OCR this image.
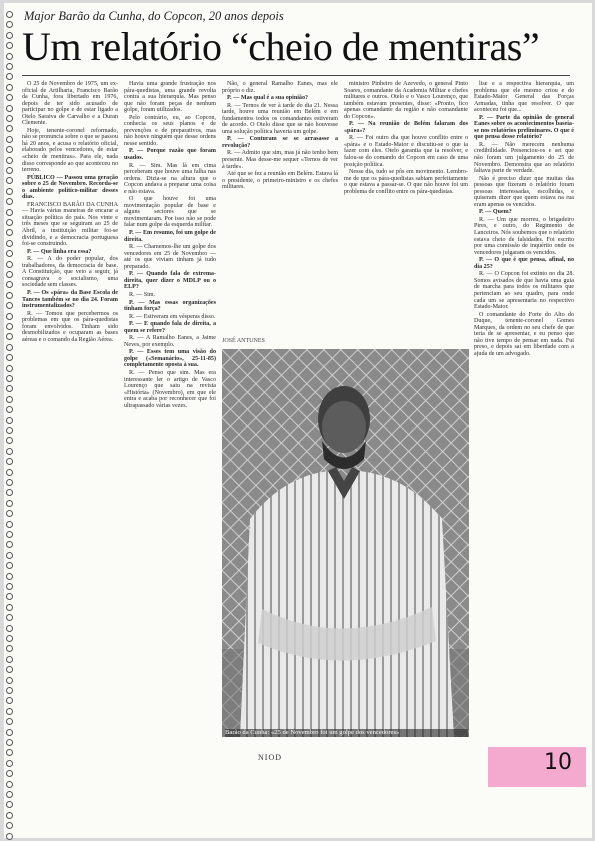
Major Barão da Cunha, do Copcon, 20 anos depois
Um relatório “cheio de mentiras”

O 25 de Novembro de 1975, um ex-oficial de Artilharia, Francisco Barão da Cunha, fora libertado em 1976, depois de ter sido acusado de participar no golpe e de estar ligado a Otelo Saraiva de Carvalho e a Duran Clemente.

Hoje, tenente-coronel reformado, não se pronuncia sobre o que se passou há 20 anos, e acusa o relatório oficial, elaborado pelos vencedores, de estar «cheio de mentiras». Para ele, nada disso corresponde ao que aconteceu no terreno.

PÚBLICO — Passou uma geração sobre o 25 de Novembro. Recorda-se o ambiente político-militar desses dias.

FRANCISCO BARÃO DA CUNHA — Havia várias maneiras de encarar a situação política do país. Nos vinte e três meses que se seguiram ao 25 de Abril, a instituição militar foi-se dividindo, e a democracia portuguesa foi-se construindo.

P. — Que linha era essa?

R. — A do poder popular, dos trabalhadores, da democracia de base. A Constituição, que veio a seguir, já consagrava o socialismo, uma sociedade sem classes.

P. — Os «pára» da Base Escola de Tancos também se no dia 24. Foram instrumentalizados?

R. — Tomou que percebermos os problemas em que os pára-quedistas foram envolvidos. Tinham sido desmobilizados e ocuparam as bases aéreas e o comando da Região Aérea.

Havia uma grande frustração nos pára-quedistas, uma grande revolta contra a sua hierarquia. Mas penso que não foram peças de nenhum golpe, foram utilizados.

Pelo contrário, eu, ao Copcon, conhecia os seus planos e de prevenções e de preparativos, mas não houve ninguém que desse ordens nesse sentido.

P. — Porque razão que foram usados.

R. — Sim. Mas lá em cima perceberam que houve uma falha nas ordens. Dizia-se na altura que o Copcon andava a preparar uma coisa e não estava.

O que houve foi uma movimentação popular de base e alguns sectores que se movimentaram. Por isso não se pode falar num golpe da esquerda militar.

P. — Em resumo, foi um golpe de direita.

R. — Chamemos-lhe um golpe dos vencedores em 25 de Novembro — até os que viviam tinham já tudo preparado.

P. — Quando fala de extrema-direita, quer dizer o MDLP ou o ELP?

R. — Sim.

P. — Mas essas organizações tinham força?

R. — Estiveram em vésperas disso.

P. — E quando fala de direita, a quem se refere?

R. — A Ramalho Eanes, a Jaime Neves, por exemplo.

P. — Esses tem uma visão do golpe («Semanário», 25-11-85) completamente oposta à sua.

R. — Penso que sim. Mas era interessante ler o artigo de Vasco Lourenço que saiu na revista «História» (Novembro), em que ele entra e acaba por reconhecer que foi ultrapassado várias vezes.

Não, o general Ramalho Eanes, mas ele próprio o diz.

P. — Mas qual é a sua opinião?

R. — Ternos de ver à tarde do dia 21. Nessa tarde, houve uma reunião em Belém e em fundamentos todos os comandantes estiveram de acordo. O Otelo disse que se não houvesse uma solução política haveria um golpe.

P. — Conturam se se arrasasse a revolução?

R. — Admito que sim, mas já não tenho bem presente. Mas desse-me sequer «Ternos de ver à tarde».

Até que se fez a reunião em Belém. Estava lá o presidente, o primeiro-ministro e os chefes militares.

ministro Pinheiro de Azevedo, o general Pinto Soares, comandante da Academia Militar e chefes militares e outros. Otelo e o Vasco Lourenço, que também estavam presentes, disse: «Pronto, fico apenas comandante da região e não comandante do Copcon».

P. — Na reunião de Belém falaram dos «pára»?

R. — Foi outro dia que houve conflito entre o «pára» e o Estado-Maior e discutiu-se o que ia fazer com eles. Otelo garantia que ia resolver, e falou-se do comando do Copcon em caso de uma posição política.

Nesse dia, tudo se pôs em movimento. Lembro-me de que os pára-quedistas sabiam perfeitamente o que estava a passar-se. O que não houve foi um problema de conflito entre os pára-quedistas.

lise e a respectiva hierarquia, um problema que ele mesmo criou e do Estado-Maior General das Forças Armadas, tinha que resolver. O que aconteceu foi que...

P. — Parte da opinião de general Eanes sobre os acontecimentos baseia-se nos relatórios preliminares. O que é que pensa desse relatório?

R. — Não merecem nenhuma credibilidade. Presenciou-os e sei que não foram um julgamento do 25 de Novembro. Demonstra que ao relatório faltava parte de verdade.

Não é preciso dizer que muitas das pessoas que fizeram o relatório foram pessoas interessadas, escolhidas, e quiseram dizer que quem estava na rua eram apenas os vencidos.

P. — Quem?

R. — Um que morreu, o brigadeiro Pires, e outro, do Regimento de Lanceiros. Nós soubemos que o relatório estava cheio de falsidades. Foi escrito por uma comissão de inquérito onde os vencedores julgaram os vencidos.

P. — O que é que pensa, afinal, no dia 25?

R. — O Copcon foi extinto no dia 28. Somos avisados de que havia uma guia de marcha para todos os militares que pertenciam ao seu quadro, para onde cada um se apresentaria no respectivo Estado-Maior.

O comandante do Forte do Alto do Duque, tenente-coronel Gomes Marques, da ordem no seu chefe de que teria de se apresentar, e eu penso que não tive tempo de pensar em nada. Fui preso, e depois saí em liberdade com a ajuda de um advogado.

JOSÉ ANTUNES
Barão da Cunha: «25 de Novembro foi um golpe dos vencedores»
NIOD	10
